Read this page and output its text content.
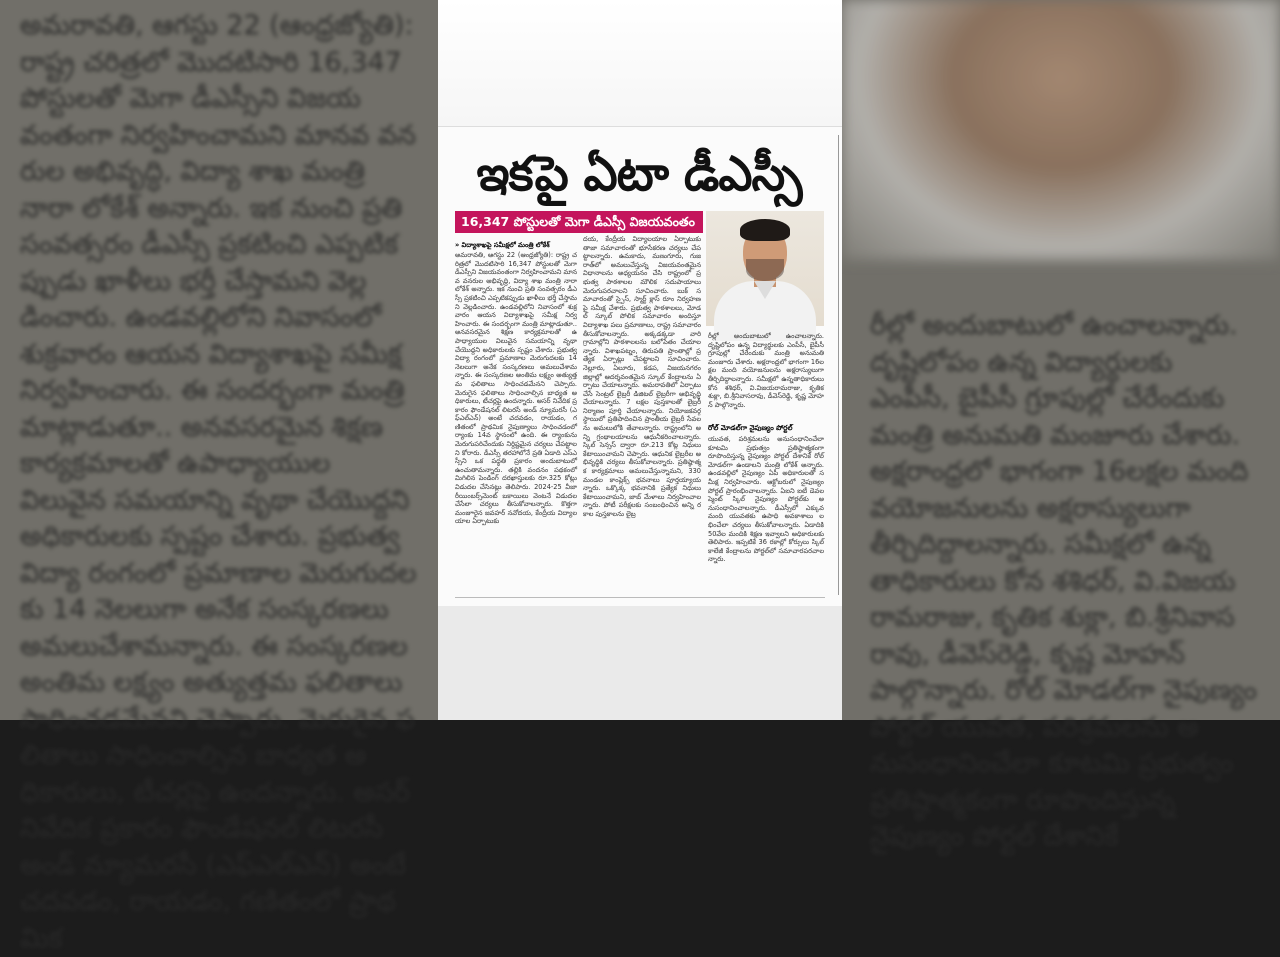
అమరావతి, ఆగస్టు 22 (ఆంధ్రజ్యోతి): రాష్ట్ర చరిత్రలో మొదటిసారి 16,347 పోస్టులతో మెగా డీఎస్సీని విజయవంతంగా నిర్వహించామని మానవ వనరుల అభివృద్ధి, విద్యా శాఖ మంత్రి నారా లోకేశ్ అన్నారు. ఇక నుంచి ప్రతి సంవత్సరం డీఎస్సీ ప్రకటించి ఎప్పటికప్పుడు ఖాళీలు భర్తీ చేస్తామని వెల్లడించారు. ఉండవల్లిలోని నివాసంలో శుక్రవారం ఆయన విద్యాశాఖపై సమీక్ష నిర్వహించారు. ఈ సందర్భంగా మంత్రి మాట్లాడుతూ.. అనవసరమైన శిక్షణ కార్యక్రమాలతో ఉపాధ్యాయుల విలువైన సమయాన్ని వృథా చేయొద్దని అధికారులకు స్పష్టం చేశారు. ప్రభుత్వ విద్యా రంగంలో ప్రమాణాల మెరుగుదలకు 14 నెలలుగా అనేక సంస్కరణలు అమలుచేశామన్నారు. ఈ సంస్కరణల అంతిమ లక్ష్యం అత్యుత్తమ ఫలితాలు సాధించడమేనని చెప్పారు. మెరుగైన ఫలితాలు సాధించాల్సిన బాధ్యత అధికారులు, టీచర్లపై ఉందన్నారు. అసర్ నివేదిక ప్రకారం ఫౌండేషనల్ లిటరసీ అండ్ న్యూమరసీ (ఎఫ్ఎల్ఎన్) అంటే చదవడం, రాయడం, గణితంలో ప్రాథమిక
రీల్లో అందుబాటులో ఉంచాలన్నారు. దృష్టిలోపం ఉన్న విద్యార్థులకు ఎంపీసీ, బైపీసీ గ్రూపుల్లో చేరేందుకు మంత్రి అనుమతి మంజూరు చేశారు. అక్షరాంధ్రలో భాగంగా 16లక్షల మంది వయోజనులను అక్షరాస్యులుగా తీర్చిదిద్దాలన్నారు. సమీక్షలో ఉన్నతాధికారులు కోన శశిధర్, వి.విజయరామరాజు, కృతిక శుక్లా, బి.శ్రీనివాసరావు, డీవెస్‌రెడ్డి, కృష్ణ మోహన్ పాల్గొన్నారు. రోల్ మోడల్‌గా నైపుణ్యం పోర్టల్ యువత, పరిశ్రమలను అనుసంధానించేలా కూటమి ప్రభుత్వం ప్రతిష్ఠాత్మకంగా రూపొందిస్తున్న నైపుణ్యం పోర్టల్ దేశానికే
ఇకపై ఏటా డీఎస్సీ
16,347 పోస్టులతో మెగా డీఎస్సీ విజయవంతం
» విద్యాశాఖపై సమీక్షలో మంత్రి లోకేశ్
అమరావతి, ఆగస్టు 22 (ఆంధ్రజ్యోతి): రాష్ట్ర చరిత్రలో మొదటిసారి 16,347 పోస్టులతో మెగా డీఎస్సీని విజయవంతంగా నిర్వహించామని మానవ వనరుల అభివృద్ధి, విద్యా శాఖ మంత్రి నారా లోకేశ్ అన్నారు. ఇక నుంచి ప్రతి సంవత్సరం డీఎస్సీ ప్రకటించి ఎప్పటికప్పుడు ఖాళీలు భర్తీ చేస్తామని వెల్లడించారు. ఉండవల్లిలోని నివాసంలో శుక్రవారం ఆయన విద్యాశాఖపై సమీక్ష నిర్వహించారు. ఈ సందర్భంగా మంత్రి మాట్లాడుతూ.. అనవసరమైన శిక్షణ కార్యక్రమాలతో ఉపాధ్యాయుల విలువైన సమయాన్ని వృథా చేయొద్దని అధికారులకు స్పష్టం చేశారు. ప్రభుత్వ విద్యా రంగంలో ప్రమాణాల మెరుగుదలకు 14 నెలలుగా అనేక సంస్కరణలు అమలుచేశామన్నారు. ఈ సంస్కరణల అంతిమ లక్ష్యం అత్యుత్తమ ఫలితాలు సాధించడమేనని చెప్పారు. మెరుగైన ఫలితాలు సాధించాల్సిన బాధ్యత అధికారులు, టీచర్లపై ఉందన్నారు. అసర్ నివేదిక ప్రకారం ఫౌండేషనల్ లిటరసీ అండ్ న్యూమరసీ (ఎఫ్ఎల్ఎన్) అంటే చదవడం, రాయడం, గణితంలో ప్రాథమిక నైపుణ్యాలు సాధించడంలో ర్యాంకు 14వ స్థానంలో ఉంది. ఈ ర్యాంకును మెరుగుపరిచేందుకు నిర్దిష్టమైన చర్యలు చేపట్టాలని కోరారు. డీఎస్సీ తరహాలోనే ప్రతి ఏడాది ఎస్ఎస్సీని ఒక పద్ధతి ప్రకారం అందుబాటులో ఉంచుతామన్నారు. తల్లికి వందనం పథకంలో మిగిలిన పెండింగ్ దరఖాస్తులకు రూ.325 కోట్లు విడుదల చేసినట్లు తెలిపారు. 2024-25 వీజా రీయింబర్స్‌మెంట్ బకాయిలు వెంటనే విడుదల చేసేలా చర్యలు తీసుకోవాలన్నారు. కొత్తగా మంజూరైన జవహర్ నవోదయ, కేంద్రీయ విద్యాలయాల ఏర్పాటుకు
దయ, కేంద్రీయ విద్యాలయాల ఏర్పాటుకు తాజా సమాచారంతో భూసేకరణ చర్యలు చేపట్టాలన్నారు. ఉమకాదు, మణుగూరు, గుజరాత్‌లో అమలుచేస్తున్న విజయవంతమైన విధానాలను అధ్యయనం చేసి రాష్ట్రంలో ప్రభుత్వ పాఠశాలల మౌలిక సదుపాయాలు మెరుగుపరచాలని సూచించారు. బుక్ సమాచారంతో స్పైస్, స్మార్ట్ క్లాస్ రూం నిర్వహణపై సమీక్ష చేశారు. ప్రభుత్వ పాఠశాలలు, మోడల్ స్కూల్ పోలిక సమాచారం అందిస్తూ విద్యాశాఖ పలు ప్రమాణాలు, రాష్ట్ర సమాచారం తీసుకోవాలన్నారు. అక్కడక్కడా వారి గ్రామాల్లోని పాఠశాలలను బలోపేతం చేయాలన్నారు. విశాఖపట్నం, తిరుపతి ప్రాంతాల్లో ప్రత్యేక ఏర్పాట్లు చేపట్టాలని సూచించారు. నెల్లూరు, ఏలూరు, కడప, విజయనగరం జిల్లాల్లో ఆదర్శవంతమైన స్కూల్ కేంద్రాలను ఏర్పాటు చేయాలన్నారు. అమరావతిలో ఏర్పాటు చేసే సెంట్రల్ లైబ్రరీ డిజిటల్ లైబ్రరీగా అభివృద్ధి చేయాలన్నారు. 7 లక్షల పుస్తకాలతో లైబ్రరీ నిర్మాణం పూర్తి చేయాలన్నారు. నియోజకవర్గ స్థాయిలో ప్రతిపాదించిన ప్రాంతీయ లైబ్రరీ సేవలను అమలులోకి తేవాలన్నారు. రాష్ట్రంలోని అన్ని గ్రంథాలయాలను ఆధునీకరించాలన్నారు. స్కిల్ సెన్సస్ ద్వారా రూ.213 కోట్ల నిధులు కేటాయించామని చెప్పారు. ఆధునిక లైబ్రరీల అభివృద్ధికి చర్యలు తీసుకోవాలన్నారు. ప్రతిష్ఠాత్మక కార్యక్రమాలు అమలుచేస్తున్నామని, 330 మండల కాంప్లెక్స్ భవనాలు పూర్తయ్యాయన్నారు. ఒక్కొక్క భవనానికి ప్రత్యేక నిధులు కేటాయించామని, జాబ్ మేళాలు నిర్వహించాలన్నారు. పోటీ పరీక్షలకు సంబంధించిన అన్ని రకాల పుస్తకాలను లైబ్ర
రీల్లో అందుబాటులో ఉంచాలన్నారు. దృష్టిలోపం ఉన్న విద్యార్థులకు ఎంపీసీ, బైపీసీ గ్రూపుల్లో చేరేందుకు మంత్రి అనుమతి మంజూరు చేశారు. అక్షరాంధ్రలో భాగంగా 16లక్షల మంది వయోజనులను అక్షరాస్యులుగా తీర్చిదిద్దాలన్నారు. సమీక్షలో ఉన్నతాధికారులు కోన శశిధర్, వి.విజయరామరాజు, కృతిక శుక్లా, బి.శ్రీనివాసరావు, డీవెస్‌రెడ్డి, కృష్ణ మోహన్ పాల్గొన్నారు.
రోల్ మోడల్‌గా నైపుణ్యం పోర్టల్
యువత, పరిశ్రమలను అనుసంధానించేలా కూటమి ప్రభుత్వం ప్రతిష్ఠాత్మకంగా రూపొందిస్తున్న నైపుణ్యం పోర్టల్ దేశానికే రోల్ మోడల్‌గా ఉండాలని మంత్రి లోకేశ్ అన్నారు. ఉండవల్లిలో నైపుణ్యం ఏపీ అధికారులతో సమీక్ష నిర్వహించారు. ఆక్టోబరులో నైపుణ్యం పోర్టల్ ప్రారంభించాలన్నారు. ఏఐని ఐటీ డెవలప్మెంట్ స్కిల్ నైపుణ్యం పోర్టల్‌కు అనుసంధానించాలన్నారు. డీఎస్సీలో ఎక్కువ మంది యువతకు ఉపాధి అవకాశాలు లభించేలా చర్యలు తీసుకోవాలన్నారు. ఏడాదికి 50వేల మందికి శిక్షణ ఇవ్వాలని అధికారులకు తెలిపారు. ఇప్పటికే 36 రకాల్లో కోర్సులు స్కిల్ కాలేజీ కేంద్రాలను పోర్టల్‌లో సమాచారపరచాలన్నారు.
